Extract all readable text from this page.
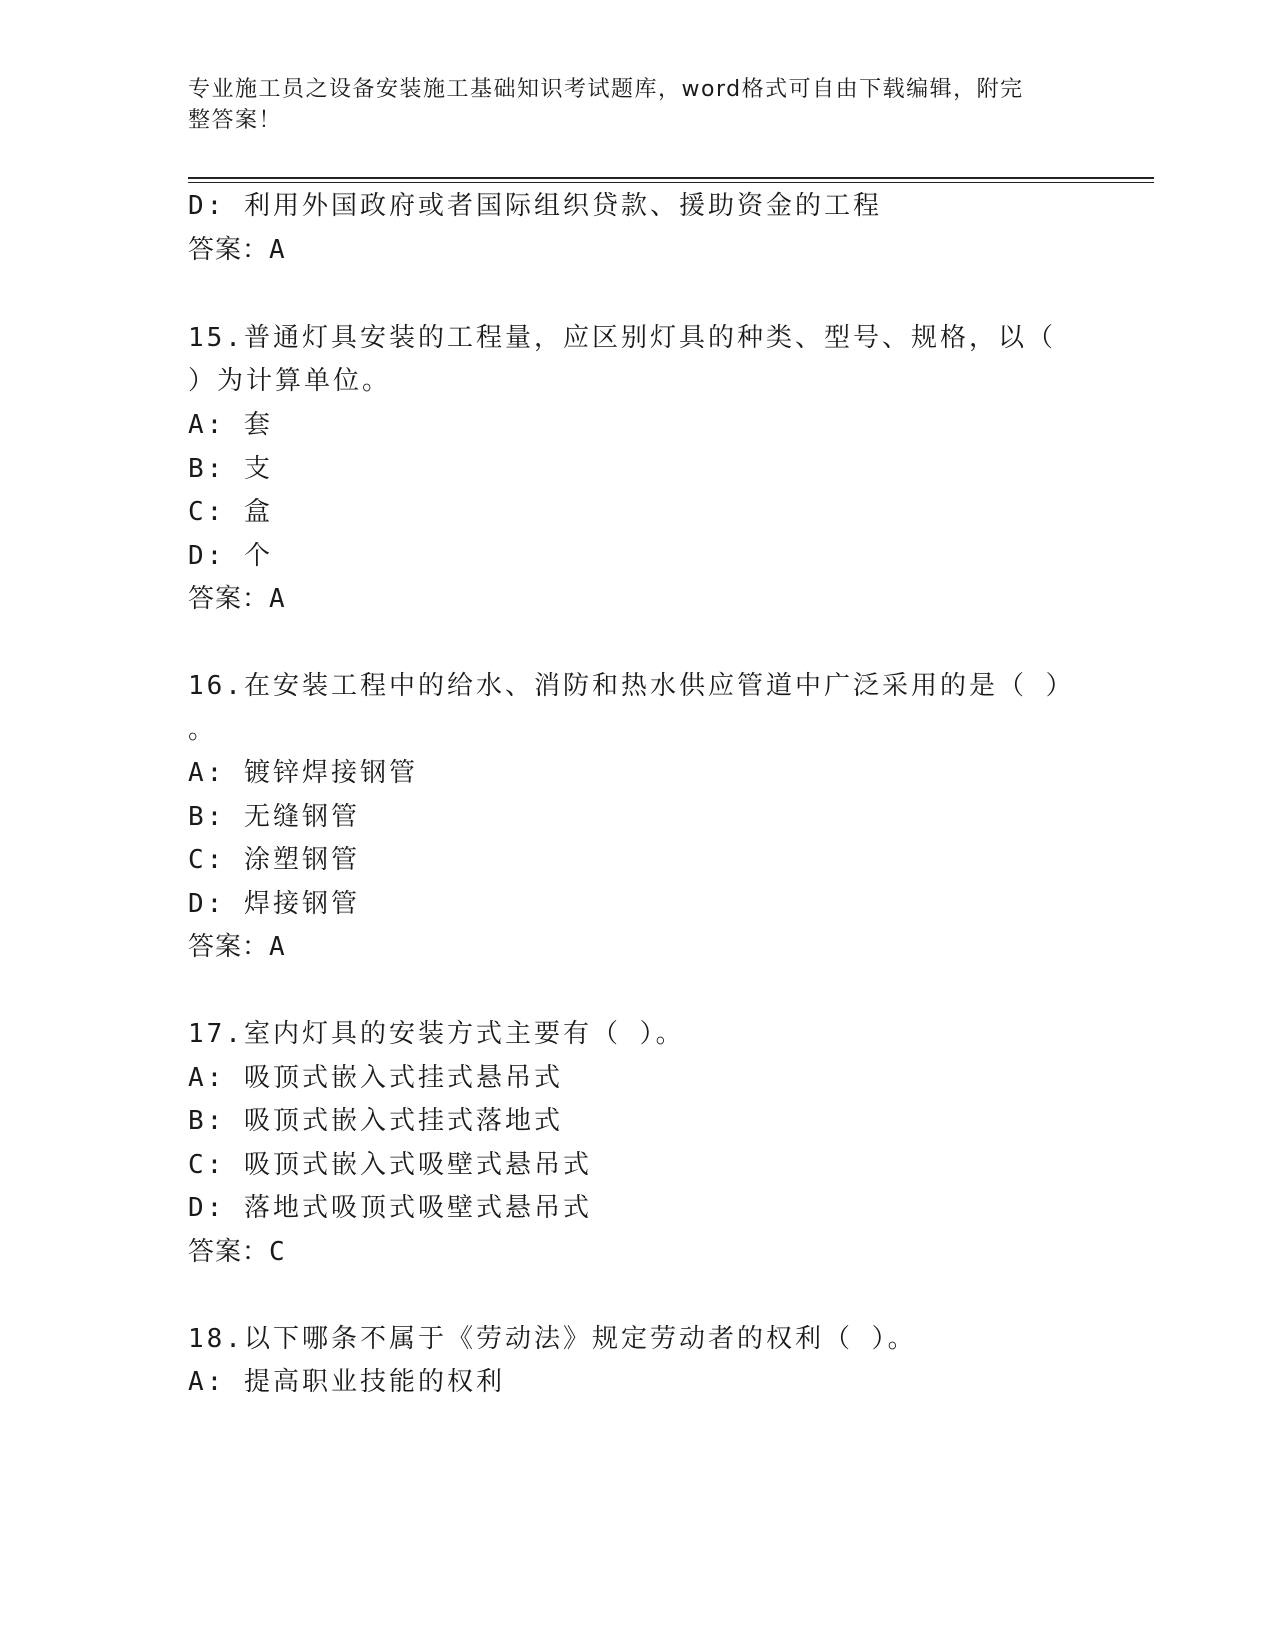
专业施工员之设备安装施工基础知识考试题库，word格式可自由下载编辑，附完
整答案！
D: 利用外国政府或者国际组织贷款、援助资金的工程
答案：A
15.普通灯具安装的工程量，应区别灯具的种类、型号、规格，以（
）为计算单位。
A: 套
B: 支
C: 盒
D: 个
答案：A
16.在安装工程中的给水、消防和热水供应管道中广泛采用的是（ ）
。
A: 镀锌焊接钢管
B: 无缝钢管
C: 涂塑钢管
D: 焊接钢管
答案：A
17.室内灯具的安装方式主要有（ ）。
A: 吸顶式嵌入式挂式悬吊式
B: 吸顶式嵌入式挂式落地式
C: 吸顶式嵌入式吸壁式悬吊式
D: 落地式吸顶式吸壁式悬吊式
答案：C
18.以下哪条不属于《劳动法》规定劳动者的权利（ ）。
A: 提高职业技能的权利
